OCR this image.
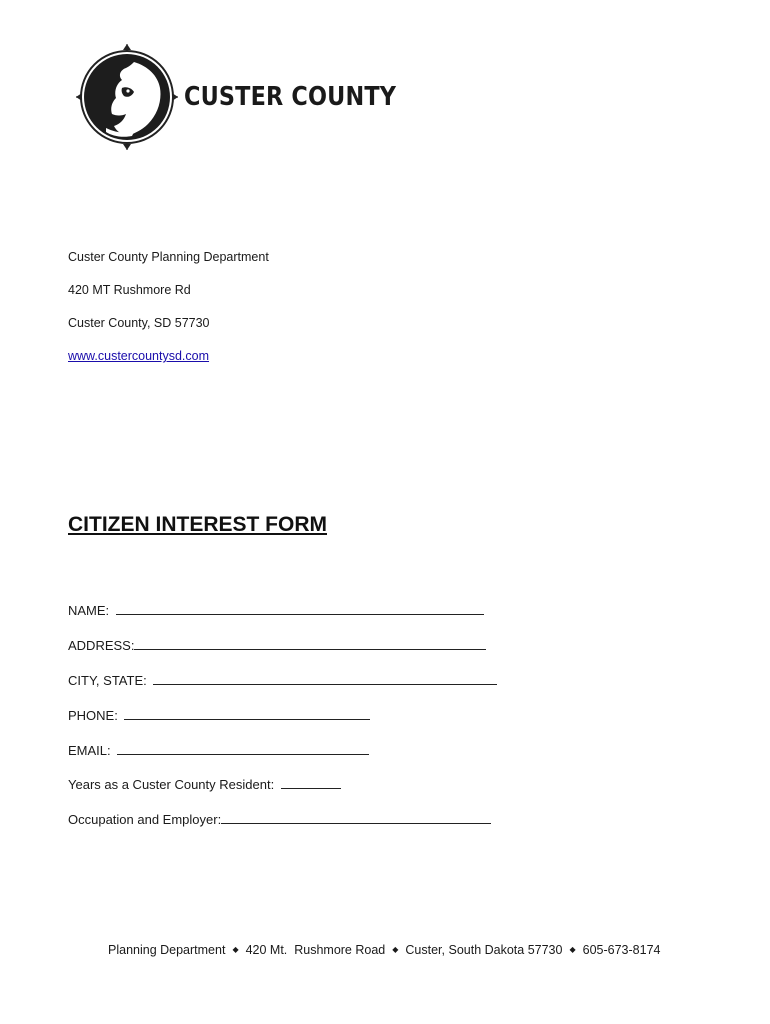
CUSTER COUNTY
Custer County Planning Department
420 MT Rushmore Rd
Custer County, SD 57730
www.custercountysd.com
CITIZEN INTEREST FORM
NAME:
ADDRESS:
CITY, STATE:
PHONE:
EMAIL:
Years as a Custer County Resident:
Occupation and Employer:
Planning Department ◆ 420 Mt.  Rushmore Road ◆ Custer, South Dakota 57730 ◆ 605-673-8174
